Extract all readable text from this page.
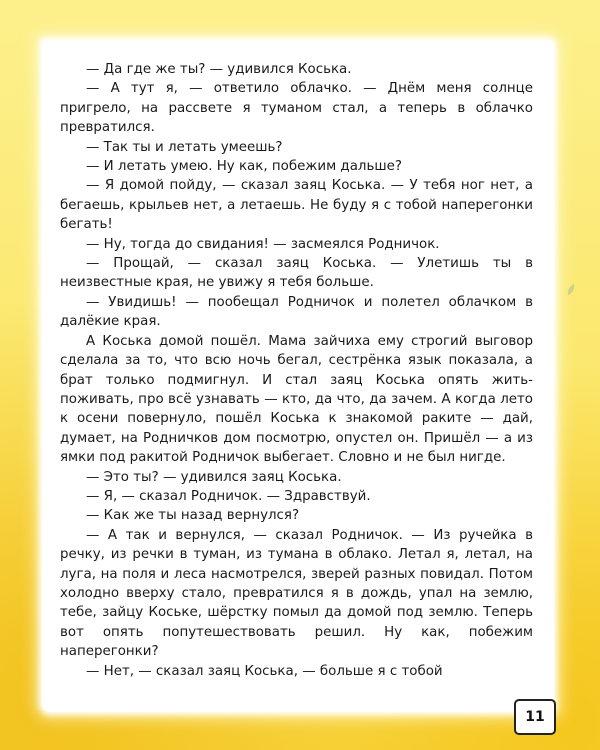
— Да где же ты? — удивился Коська.

— А тут я, — ответило облачко. — Днём меня солнце пригрело, на рассвете я туманом стал, а теперь в облачко превратился.

— Так ты и летать умеешь?

— И летать умею. Ну как, побежим дальше?

— Я домой пойду, — сказал заяц Коська. — У тебя ног нет, а бегаешь, крыльев нет, а летаешь. Не буду я с тобой наперегонки бегать!

— Ну, тогда до свидания! — засмеялся Родничок.

— Прощай, — сказал заяц Коська. — Улетишь ты в неизвестные края, не увижу я тебя больше.

— Увидишь! — пообещал Родничок и полетел облачком в далёкие края.

А Коська домой пошёл. Мама зайчиха ему строгий выговор сделала за то, что всю ночь бегал, сестрёнка язык показала, а брат только подмигнул. И стал заяц Коська опять жить-поживать, про всё узнавать — кто, да что, да зачем. А когда лето к осени повернуло, пошёл Коська к знакомой раките — дай, думает, на Родничков дом посмотрю, опустел он. Пришёл — а из ямки под ракитой Родничок выбегает. Словно и не был нигде.

— Это ты? — удивился заяц Коська.

— Я, — сказал Родничок. — Здравствуй.

— Как же ты назад вернулся?

— А так и вернулся, — сказал Родничок. — Из ручейка в речку, из речки в туман, из тумана в облако. Летал я, летал, на луга, на поля и леса насмотрелся, зверей разных повидал. Потом холодно вверху стало, превратился я в дождь, упал на землю, тебе, зайцу Коське, шёрстку помыл да домой под землю. Теперь вот опять попутешествовать решил. Ну как, побежим наперегонки?

— Нет, — сказал заяц Коська, — больше я с тобой

11
